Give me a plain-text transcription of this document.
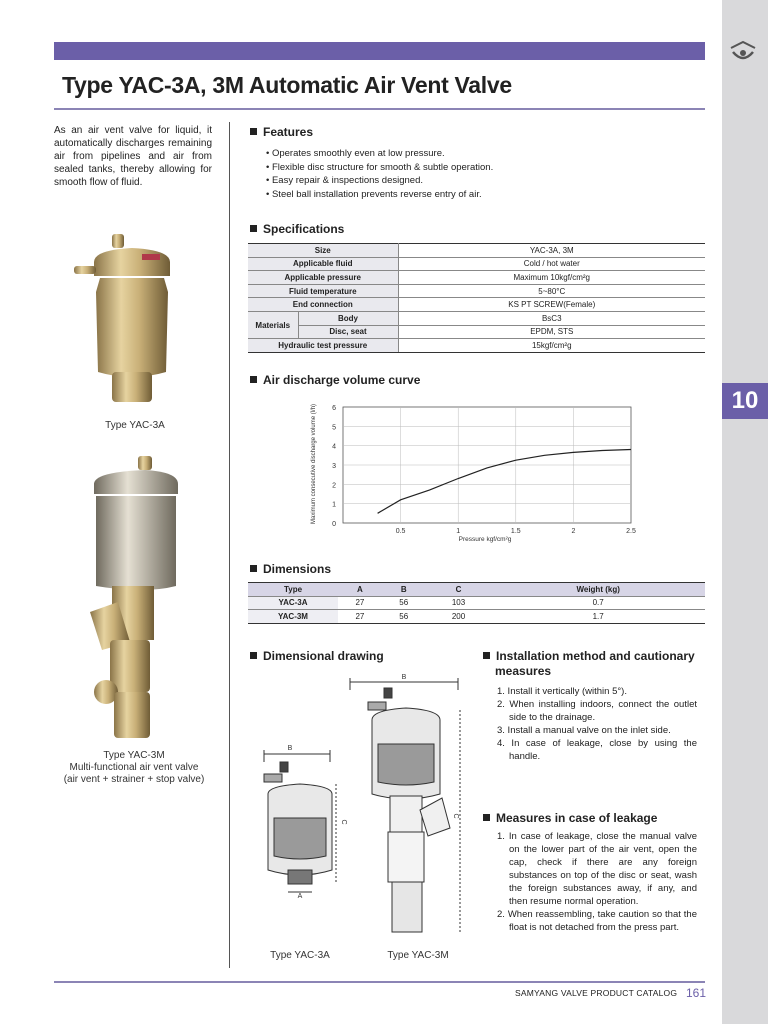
10
Type YAC-3A, 3M Automatic Air Vent Valve
As an air vent valve for liquid, it automatically discharges remaining air from pipelines and air from sealed tanks, thereby allowing for smooth flow of fluid.
Type YAC-3A
Type YAC-3M
Multi-functional air vent valve
(air vent + strainer + stop valve)
Features
• Operates smoothly even at low pressure.
• Flexible disc structure for smooth & subtle operation.
• Easy repair & inspections designed.
• Steel ball installation prevents reverse entry of air.
Specifications
Size		YAC-3A, 3M
Applicable fluid		Cold / hot water
Applicable pressure		Maximum 10kgf/cm²g
Fluid temperature		5~80°C
End connection		KS PT SCREW(Female)
Materials	Body	BsC3
	Disc, seat	EPDM, STS
Hydraulic test pressure		15kgf/cm²g
Air discharge volume curve
Maximum consecutive discharge volume (l/h)
Pressure kgf/cm²g
0
1
2
3
4
5
6
0.5	1	1.5	2	2.5
Dimensions
Type	A	B	C	Weight (kg)
YAC-3A	27	56	103	0.7
YAC-3M	27	56	200	1.7
Dimensional drawing
B
B
C
C
A
Type YAC-3A	Type YAC-3M
Installation method and cautionary
measures
1. Install it vertically (within 5°).
2. When installing indoors, connect the outlet side to the drainage.
3. Install a manual valve on the inlet side.
4. In case of leakage, close by using the handle.
Measures in case of leakage
1. In case of leakage, close the manual valve on the lower part of the air vent, open the cap, check if there are any foreign substances on top of the disc or seat, wash the foreign substances away, if any, and then resume normal operation.
2. When reassembling, take caution so that the float is not detached from the press part.
SAMYANG VALVE PRODUCT CATALOG 161
